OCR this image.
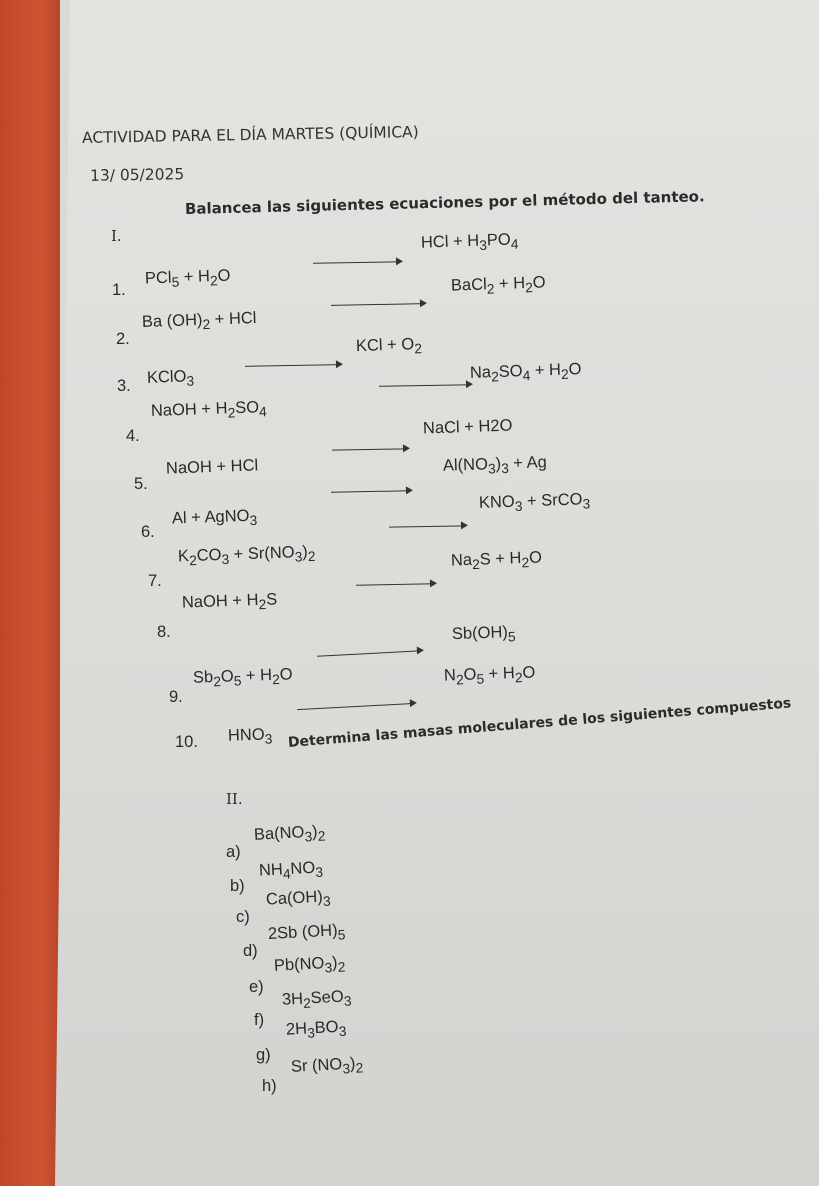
ACTIVIDAD PARA EL DÍA MARTES (QUÍMICA)
13/ 05/2025
I.
Balancea las siguientes ecuaciones por el método del tanteo.
1.
$PCl_5 + H_2O$
HCl + $H_3PO_4$
2.
Ba $(OH)_2$ + HCl
BaCl$_2$ + $H_2O$
3. KClO$_3$
KCl + $O_2$
4.
NaOH + $H_2SO_4$
$Na_2SO_4 + H_2O$
5.
NaOH + HCl
NaCl + H2O
6.
Al + AgNO$_3$
$Al(NO_3)_3 + Ag$
7.
$K_2CO_3 + Sr(NO_3)_2$
$KNO_3$ + SrCO$_3$
8.
NaOH + $H_2S$
$Na_2S + H_2O$
9.
$Sb_2O_5 + H_2O$
$Sb(OH)_5$
10. $HNO_3$
$N_2O_5 + H_2O$
II.
Determina las masas moleculares de los siguientes compuestos
a)
$Ba(NO_3)_2$
b)
$NH_4NO_3$
c)
$Ca(OH)_3$
d)
2Sb $(OH)_5$
e)
$Pb(NO_3)_2$
f)
$3H_2SeO_3$
g)
$2H_3BO_3$
h)
Sr $(NO_3)_2$
